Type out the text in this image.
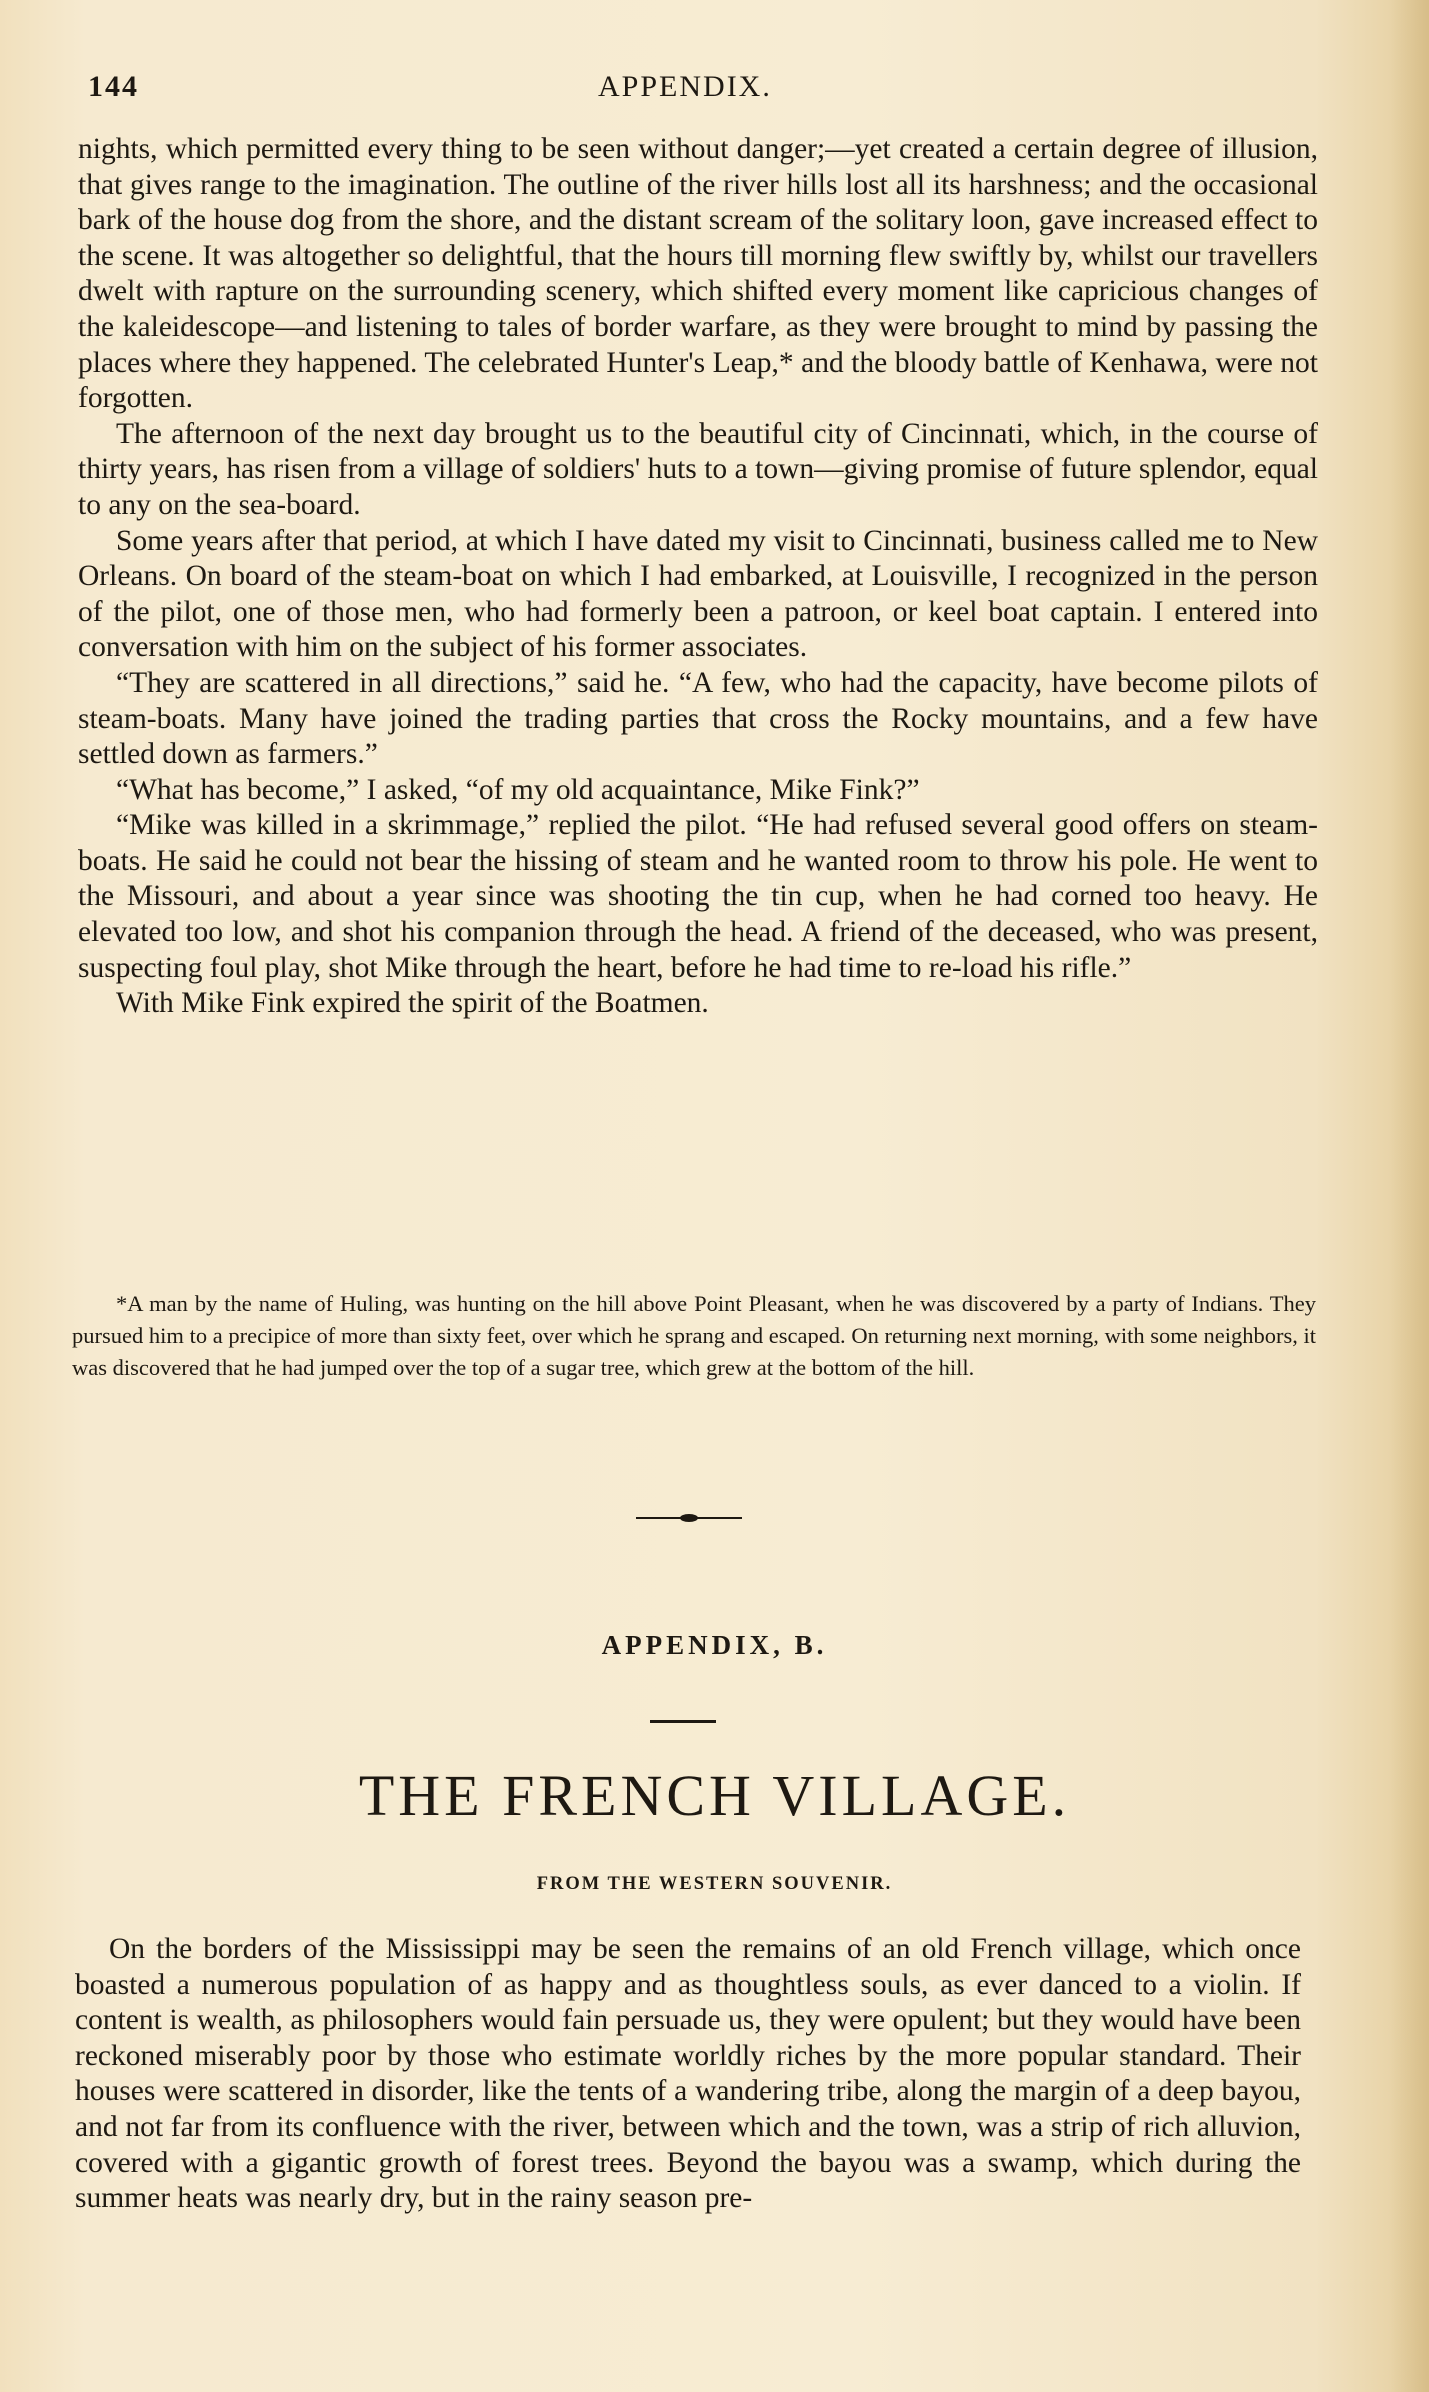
144	APPENDIX.

nights, which permitted every thing to be seen without danger;—yet created a certain degree of illusion, that gives range to the imagination. The outline of the river hills lost all its harshness; and the occasional bark of the house dog from the shore, and the distant scream of the solitary loon, gave increased effect to the scene. It was altogether so delightful, that the hours till morning flew swiftly by, whilst our travellers dwelt with rapture on the surrounding scenery, which shifted every moment like capricious changes of the kaleidescope—and listening to tales of border warfare, as they were brought to mind by passing the places where they happened. The celebrated Hunter's Leap,* and the bloody battle of Kenhawa, were not forgotten.

The afternoon of the next day brought us to the beautiful city of Cincinnati, which, in the course of thirty years, has risen from a village of soldiers' huts to a town—giving promise of future splendor, equal to any on the sea-board.

Some years after that period, at which I have dated my visit to Cincinnati, business called me to New Orleans. On board of the steam-boat on which I had embarked, at Louisville, I recognized in the person of the pilot, one of those men, who had formerly been a patroon, or keel boat captain. I entered into conversation with him on the subject of his former associates.

“They are scattered in all directions,” said he. “A few, who had the capacity, have become pilots of steam-boats. Many have joined the trading parties that cross the Rocky mountains, and a few have settled down as farmers.”

“What has become,” I asked, “of my old acquaintance, Mike Fink?”

“Mike was killed in a skrimmage,” replied the pilot. “He had refused several good offers on steam-boats. He said he could not bear the hissing of steam and he wanted room to throw his pole. He went to the Missouri, and about a year since was shooting the tin cup, when he had corned too heavy. He elevated too low, and shot his companion through the head. A friend of the deceased, who was present, suspecting foul play, shot Mike through the heart, before he had time to re-load his rifle.”

With Mike Fink expired the spirit of the Boatmen.

*A man by the name of Huling, was hunting on the hill above Point Pleasant, when he was discovered by a party of Indians. They pursued him to a precipice of more than sixty feet, over which he sprang and escaped. On returning next morning, with some neighbors, it was discovered that he had jumped over the top of a sugar tree, which grew at the bottom of the hill.

APPENDIX, B.
THE FRENCH VILLAGE.
FROM THE WESTERN SOUVENIR.

On the borders of the Mississippi may be seen the remains of an old French village, which once boasted a numerous population of as happy and as thoughtless souls, as ever danced to a violin. If content is wealth, as philosophers would fain persuade us, they were opulent; but they would have been reckoned miserably poor by those who estimate worldly riches by the more popular standard. Their houses were scattered in disorder, like the tents of a wandering tribe, along the margin of a deep bayou, and not far from its confluence with the river, between which and the town, was a strip of rich alluvion, covered with a gigantic growth of forest trees. Beyond the bayou was a swamp, which during the summer heats was nearly dry, but in the rainy season pre-
